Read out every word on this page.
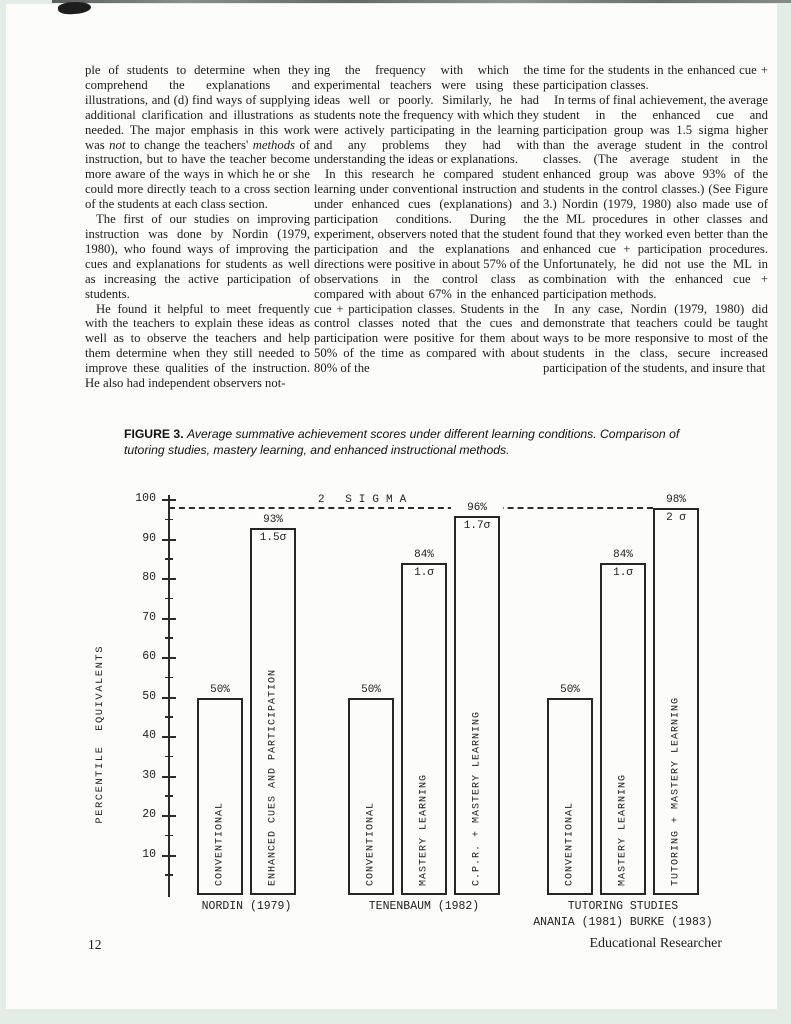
ple of students to determine when they comprehend the explanations and illustrations, and (d) find ways of supplying additional clarification and illustrations as needed. The major emphasis in this work was not to change the teachers' methods of instruction, but to have the teacher become more aware of the ways in which he or she could more directly teach to a cross section of the students at each class section.

The first of our studies on improving instruction was done by Nordin (1979, 1980), who found ways of improving the cues and explanations for students as well as increasing the active participation of students.

He found it helpful to meet frequently with the teachers to explain these ideas as well as to observe the teachers and help them determine when they still needed to improve these qualities of the instruction. He also had independent observers not-

ing the frequency with which the experimental teachers were using these ideas well or poorly. Similarly, he had students note the frequency with which they were actively participating in the learning and any problems they had with understanding the ideas or explanations.

In this research he compared student learning under conventional instruction and under enhanced cues (explanations) and participation conditions. During the experiment, observers noted that the student participation and the explanations and directions were positive in about 57% of the observations in the control class as compared with about 67% in the enhanced cue + participation classes. Students in the control classes noted that the cues and participation were positive for them about 50% of the time as compared with about 80% of the

time for the students in the enhanced cue + participation classes.

In terms of final achievement, the average student in the enhanced cue and participation group was 1.5 sigma higher than the average student in the control classes. (The average student in the enhanced group was above 93% of the students in the control classes.) (See Figure 3.) Nordin (1979, 1980) also made use of the ML procedures in other classes and found that they worked even better than the enhanced cue + participation procedures. Unfortunately, he did not use the ML in combination with the enhanced cue + participation methods.

In any case, Nordin (1979, 1980) did demonstrate that teachers could be taught ways to be more responsive to most of the students in the class, secure increased participation of the students, and insure that

FIGURE 3. Average summative achievement scores under different learning conditions. Comparison of tutoring studies, mastery learning, and enhanced instructional methods.
10
20
30
40
50
60
70
80
90
100
PERCENTILE EQUIVALENTS
2 SIGMA
CONVENTIONAL
50%	ENHANCED CUES AND PARTICIPATION
93%
1.5σ
NORDIN (1979)
CONVENTIONAL
50%
MASTERY LEARNING
84%
1.σ
C.P.R. + MASTERY LEARNING
96%
1.7σ
TENENBAUM (1982)
CONVENTIONAL
50%
MASTERY LEARNING
84%
1.σ
TUTORING + MASTERY LEARNING
98%
2 σ
TUTORING STUDIES
ANANIA (1981) BURKE (1983)
12	Educational Researcher
